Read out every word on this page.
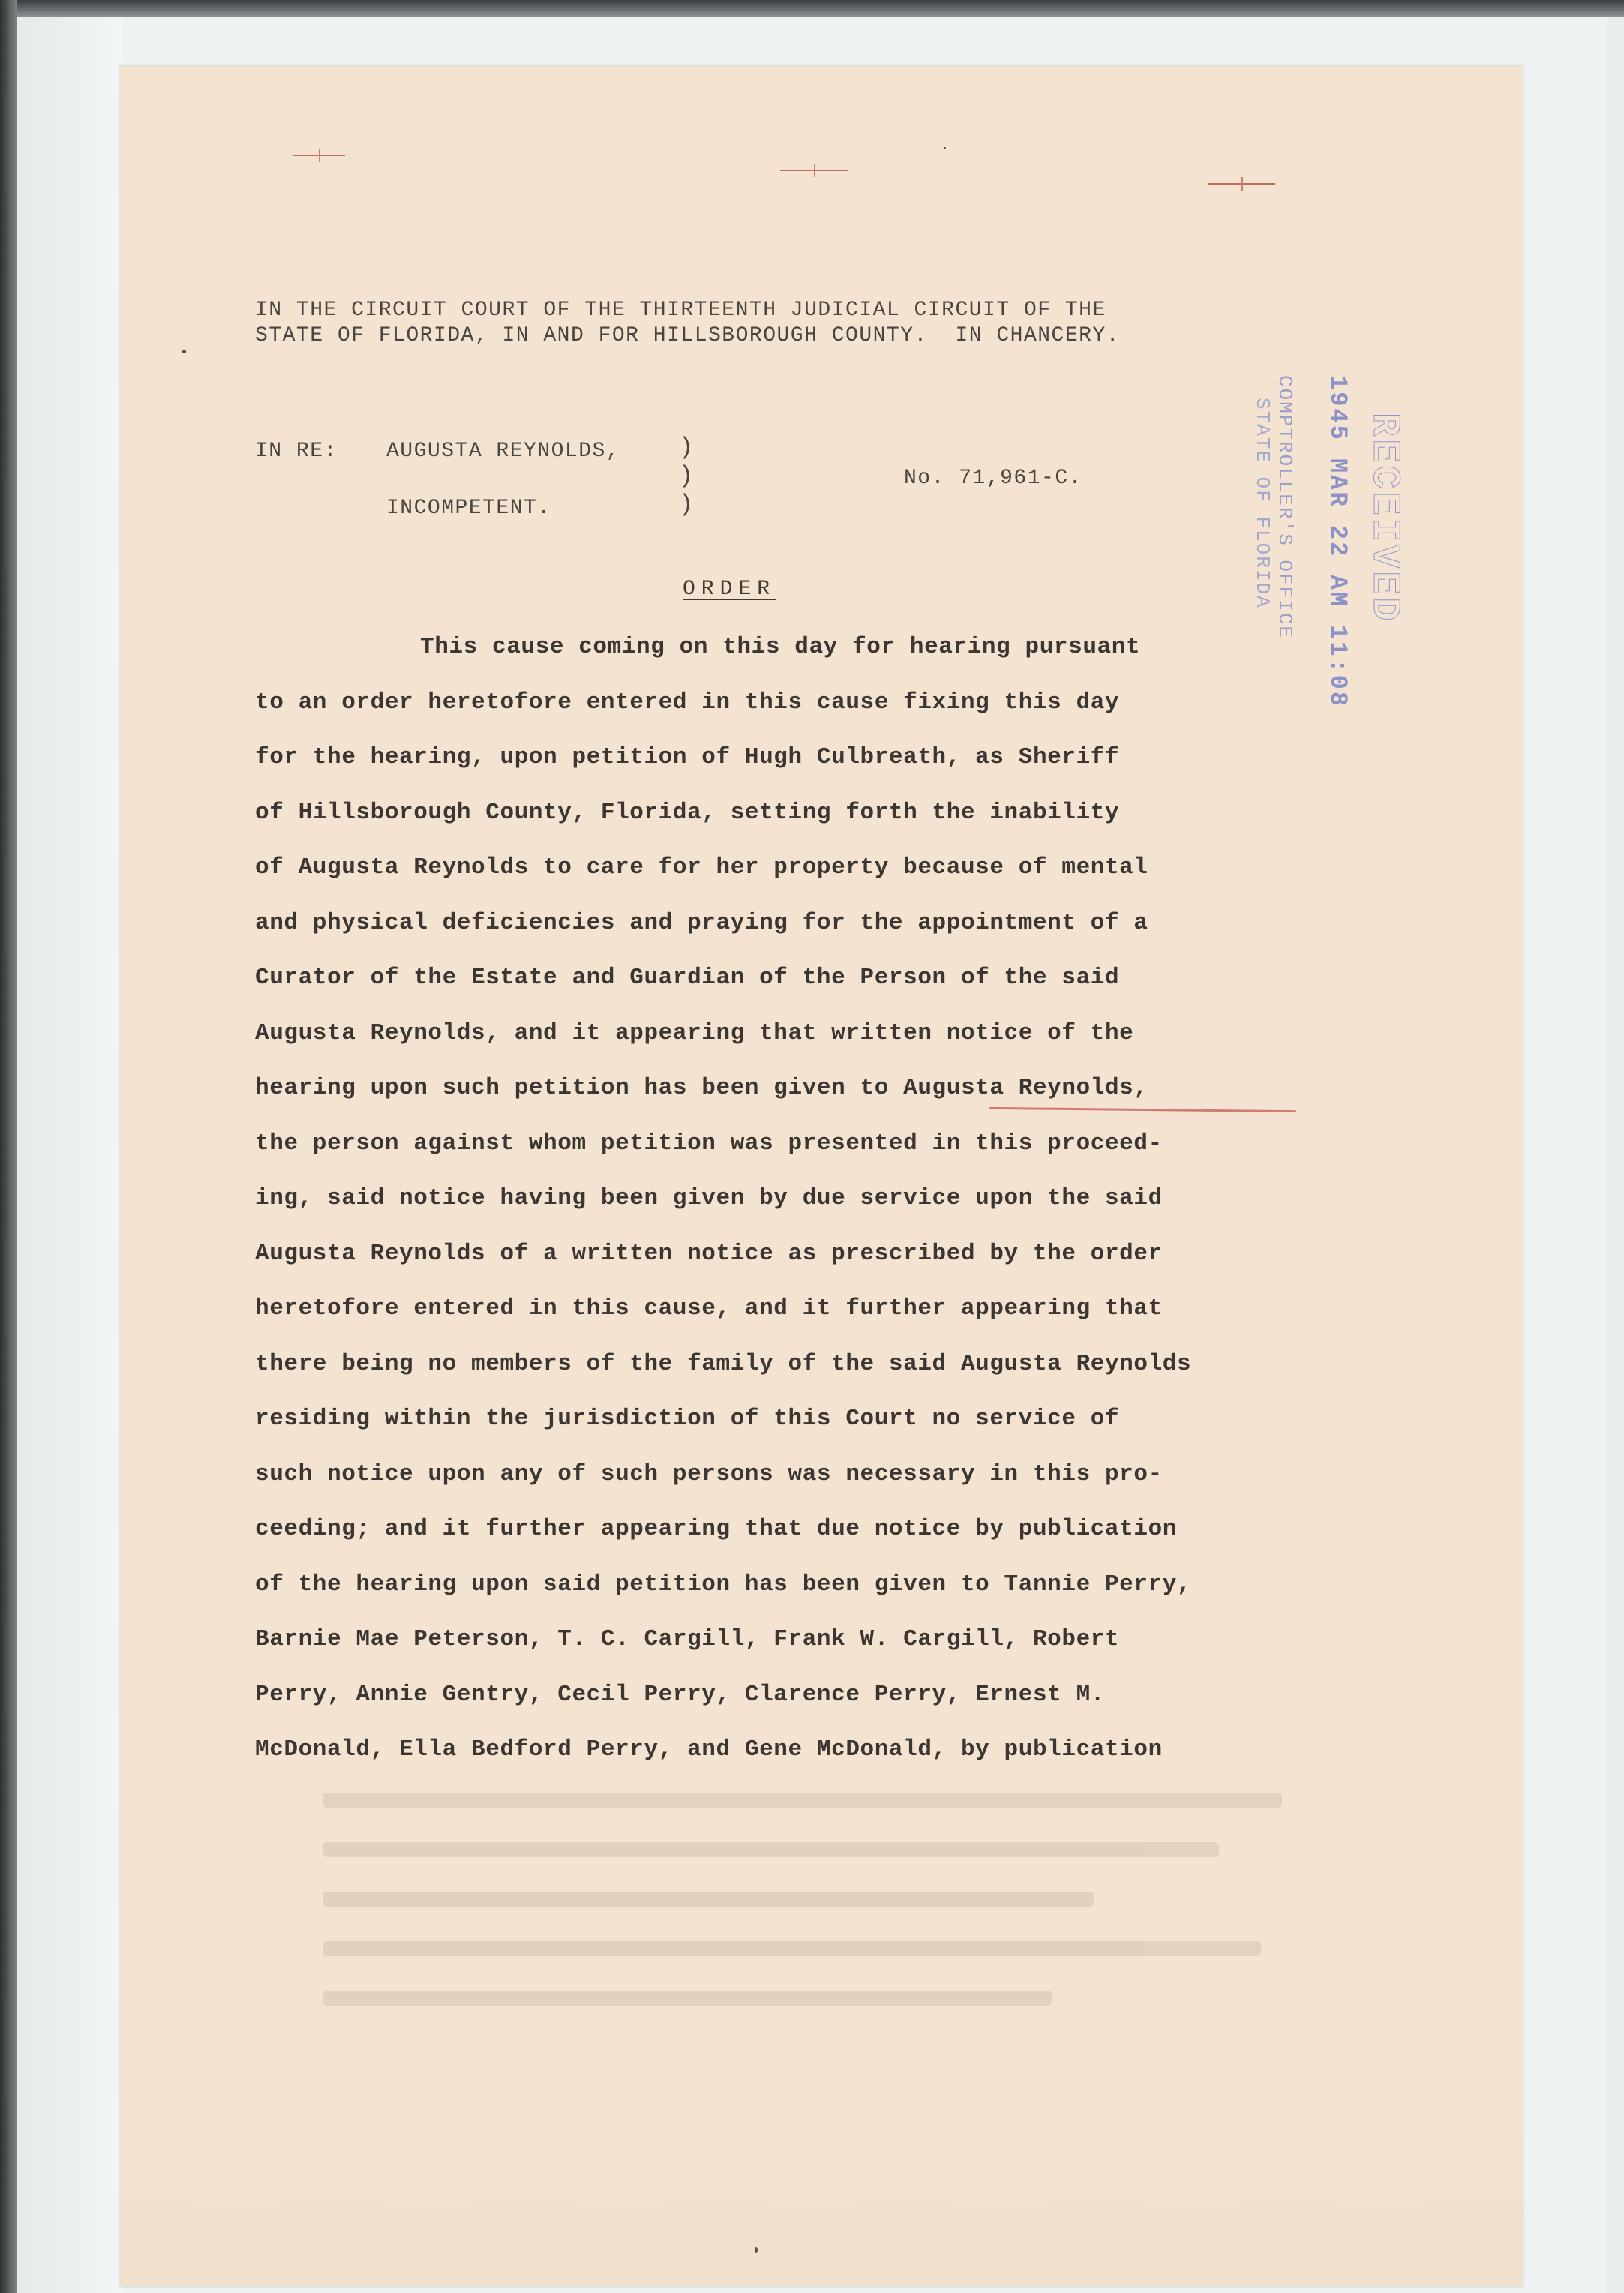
IN THE CIRCUIT COURT OF THE THIRTEENTH JUDICIAL CIRCUIT OF THE
STATE OF FLORIDA, IN AND FOR HILLSBOROUGH COUNTY.  IN CHANCERY.
IN RE: AUGUSTA REYNOLDS,
INCOMPETENT.
)
)
)
No. 71,961-C.
ORDER
This cause coming on this day for hearing pursuant
to an order heretofore entered in this cause fixing this day
for the hearing, upon petition of Hugh Culbreath, as Sheriff
of Hillsborough County, Florida, setting forth the inability
of Augusta Reynolds to care for her property because of mental
and physical deficiencies and praying for the appointment of a
Curator of the Estate and Guardian of the Person of the said
Augusta Reynolds, and it appearing that written notice of the
hearing upon such petition has been given to Augusta Reynolds,
the person against whom petition was presented in this proceed-
ing, said notice having been given by due service upon the said
Augusta Reynolds of a written notice as prescribed by the order
heretofore entered in this cause, and it further appearing that
there being no members of the family of the said Augusta Reynolds
residing within the jurisdiction of this Court no service of
such notice upon any of such persons was necessary in this pro-
ceeding; and it further appearing that due notice by publication
of the hearing upon said petition has been given to Tannie Perry,
Barnie Mae Peterson, T. C. Cargill, Frank W. Cargill, Robert
Perry, Annie Gentry, Cecil Perry, Clarence Perry, Ernest M.
McDonald, Ella Bedford Perry, and Gene McDonald, by publication
RECEIVED
1945 MAR 22 AM 11:08
COMPTROLLER'S OFFICE
STATE OF FLORIDA
